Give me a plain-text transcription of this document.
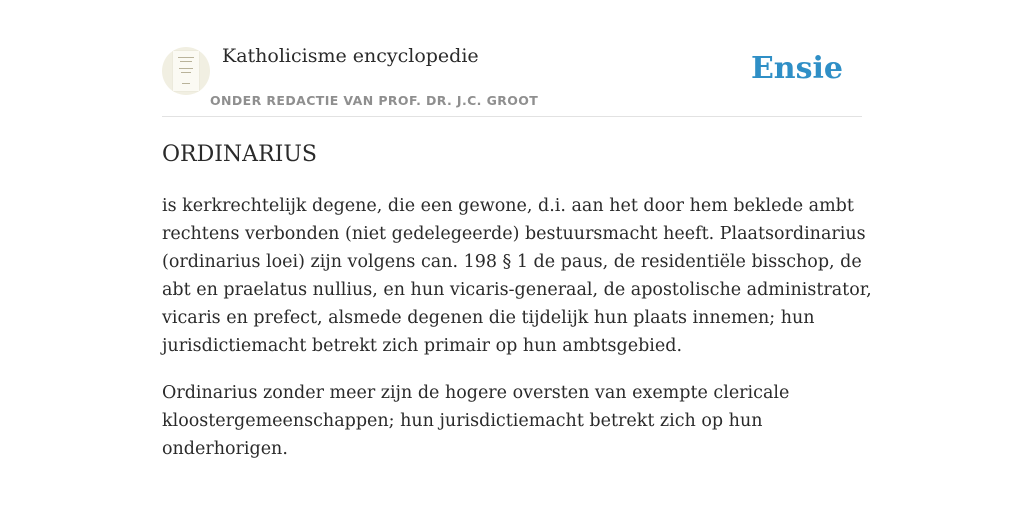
Katholicisme encyclopedie
ONDER REDACTIE VAN PROF. DR. J.C. GROOT
Ensie
ORDINARIUS

is kerkrechtelijk degene, die een gewone, d.i. aan het door hem beklede ambt
rechtens verbonden (niet gedelegeerde) bestuursmacht heeft. Plaatsordinarius
(ordinarius loei) zijn volgens can. 198 § 1 de paus, de residentiële bisschop, de
abt en praelatus nullius, en hun vicaris-generaal, de apostolische administrator,
vicaris en prefect, alsmede degenen die tijdelijk hun plaats innemen; hun
jurisdictiemacht betrekt zich primair op hun ambtsgebied.

Ordinarius zonder meer zijn de hogere oversten van exempte clericale
kloostergemeenschappen; hun jurisdictiemacht betrekt zich op hun
onderhorigen.
